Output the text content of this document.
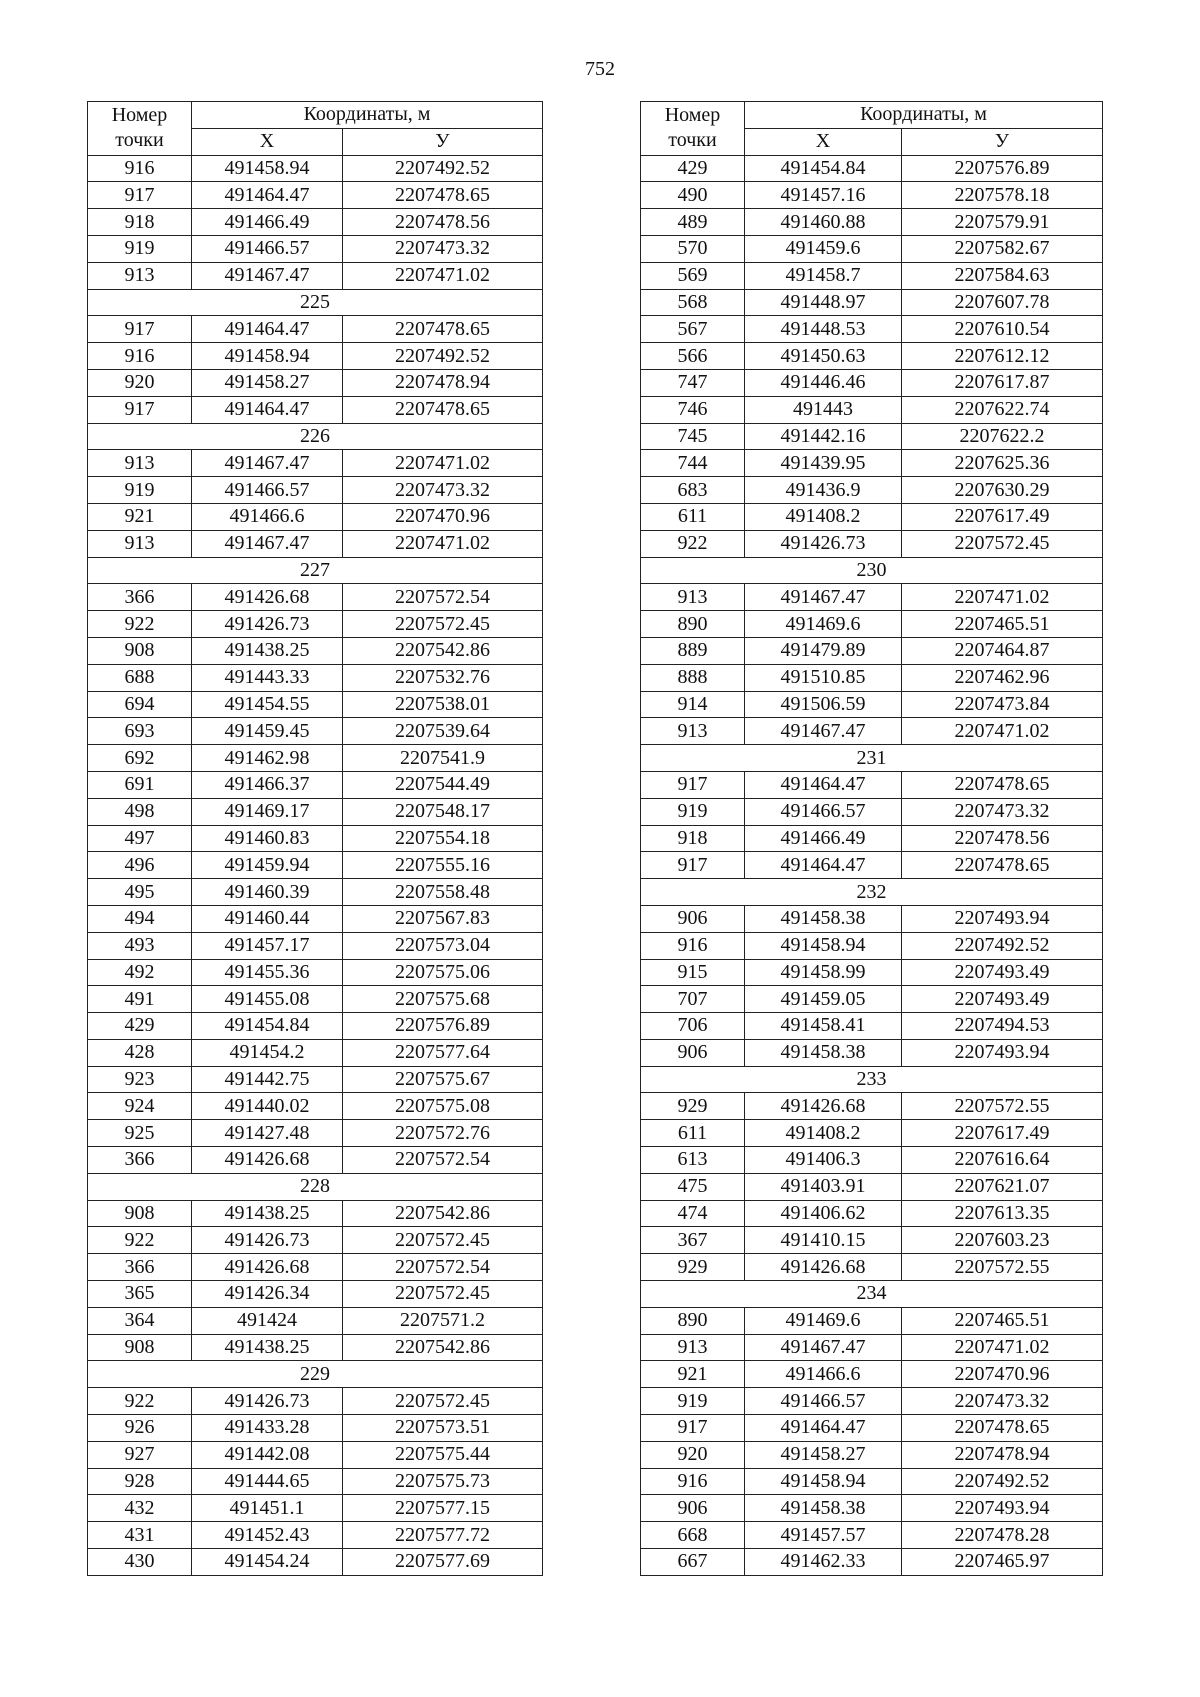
752
Номер
точки	Координаты, м	
	X	У
916	491458.94	2207492.52
917	491464.47	2207478.65
918	491466.49	2207478.56
919	491466.57	2207473.32
913	491467.47	2207471.02
225		
917	491464.47	2207478.65
916	491458.94	2207492.52
920	491458.27	2207478.94
917	491464.47	2207478.65
226		
913	491467.47	2207471.02
919	491466.57	2207473.32
921	491466.6	2207470.96
913	491467.47	2207471.02
227		
366	491426.68	2207572.54
922	491426.73	2207572.45
908	491438.25	2207542.86
688	491443.33	2207532.76
694	491454.55	2207538.01
693	491459.45	2207539.64
692	491462.98	2207541.9
691	491466.37	2207544.49
498	491469.17	2207548.17
497	491460.83	2207554.18
496	491459.94	2207555.16
495	491460.39	2207558.48
494	491460.44	2207567.83
493	491457.17	2207573.04
492	491455.36	2207575.06
491	491455.08	2207575.68
429	491454.84	2207576.89
428	491454.2	2207577.64
923	491442.75	2207575.67
924	491440.02	2207575.08
925	491427.48	2207572.76
366	491426.68	2207572.54
228		
908	491438.25	2207542.86
922	491426.73	2207572.45
366	491426.68	2207572.54
365	491426.34	2207572.45
364	491424	2207571.2
908	491438.25	2207542.86
229		
922	491426.73	2207572.45
926	491433.28	2207573.51
927	491442.08	2207575.44
928	491444.65	2207575.73
432	491451.1	2207577.15
431	491452.43	2207577.72
430	491454.24	2207577.69
Номер
точки	Координаты, м	
	X	У
429	491454.84	2207576.89
490	491457.16	2207578.18
489	491460.88	2207579.91
570	491459.6	2207582.67
569	491458.7	2207584.63
568	491448.97	2207607.78
567	491448.53	2207610.54
566	491450.63	2207612.12
747	491446.46	2207617.87
746	491443	2207622.74
745	491442.16	2207622.2
744	491439.95	2207625.36
683	491436.9	2207630.29
611	491408.2	2207617.49
922	491426.73	2207572.45
230		
913	491467.47	2207471.02
890	491469.6	2207465.51
889	491479.89	2207464.87
888	491510.85	2207462.96
914	491506.59	2207473.84
913	491467.47	2207471.02
231		
917	491464.47	2207478.65
919	491466.57	2207473.32
918	491466.49	2207478.56
917	491464.47	2207478.65
232		
906	491458.38	2207493.94
916	491458.94	2207492.52
915	491458.99	2207493.49
707	491459.05	2207493.49
706	491458.41	2207494.53
906	491458.38	2207493.94
233		
929	491426.68	2207572.55
611	491408.2	2207617.49
613	491406.3	2207616.64
475	491403.91	2207621.07
474	491406.62	2207613.35
367	491410.15	2207603.23
929	491426.68	2207572.55
234		
890	491469.6	2207465.51
913	491467.47	2207471.02
921	491466.6	2207470.96
919	491466.57	2207473.32
917	491464.47	2207478.65
920	491458.27	2207478.94
916	491458.94	2207492.52
906	491458.38	2207493.94
668	491457.57	2207478.28
667	491462.33	2207465.97
